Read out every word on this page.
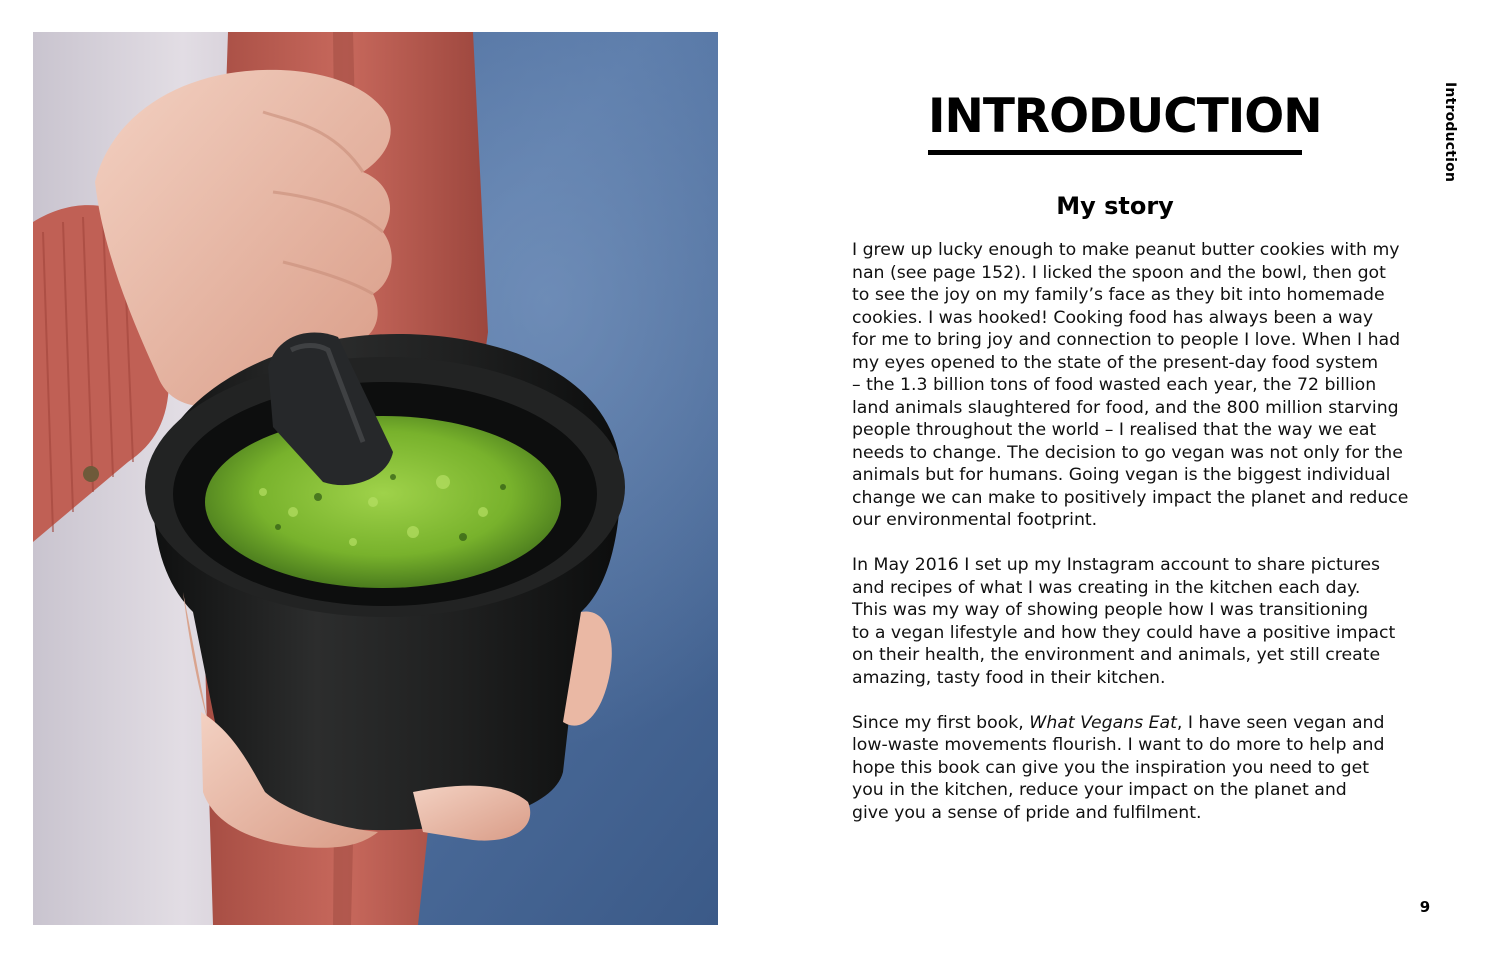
Introduction
INTRODUCTION
My story

I grew up lucky enough to make peanut butter cookies with my
nan (see page 152). I licked the spoon and the bowl, then got
to see the joy on my family’s face as they bit into homemade
cookies. I was hooked! Cooking food has always been a way
for me to bring joy and connection to people I love. When I had
my eyes opened to the state of the present-day food system
– the 1.3 billion tons of food wasted each year, the 72 billion
land animals slaughtered for food, and the 800 million starving
people throughout the world – I realised that the way we eat
needs to change. The decision to go vegan was not only for the
animals but for humans. Going vegan is the biggest individual
change we can make to positively impact the planet and reduce
our environmental footprint.

In May 2016 I set up my Instagram account to share pictures
and recipes of what I was creating in the kitchen each day.
This was my way of showing people how I was transitioning
to a vegan lifestyle and how they could have a positive impact
on their health, the environment and animals, yet still create
amazing, tasty food in their kitchen.

Since my first book, What Vegans Eat, I have seen vegan and
low-waste movements flourish. I want to do more to help and
hope this book can give you the inspiration you need to get
you in the kitchen, reduce your impact on the planet and
give you a sense of pride and fulfilment.

9
